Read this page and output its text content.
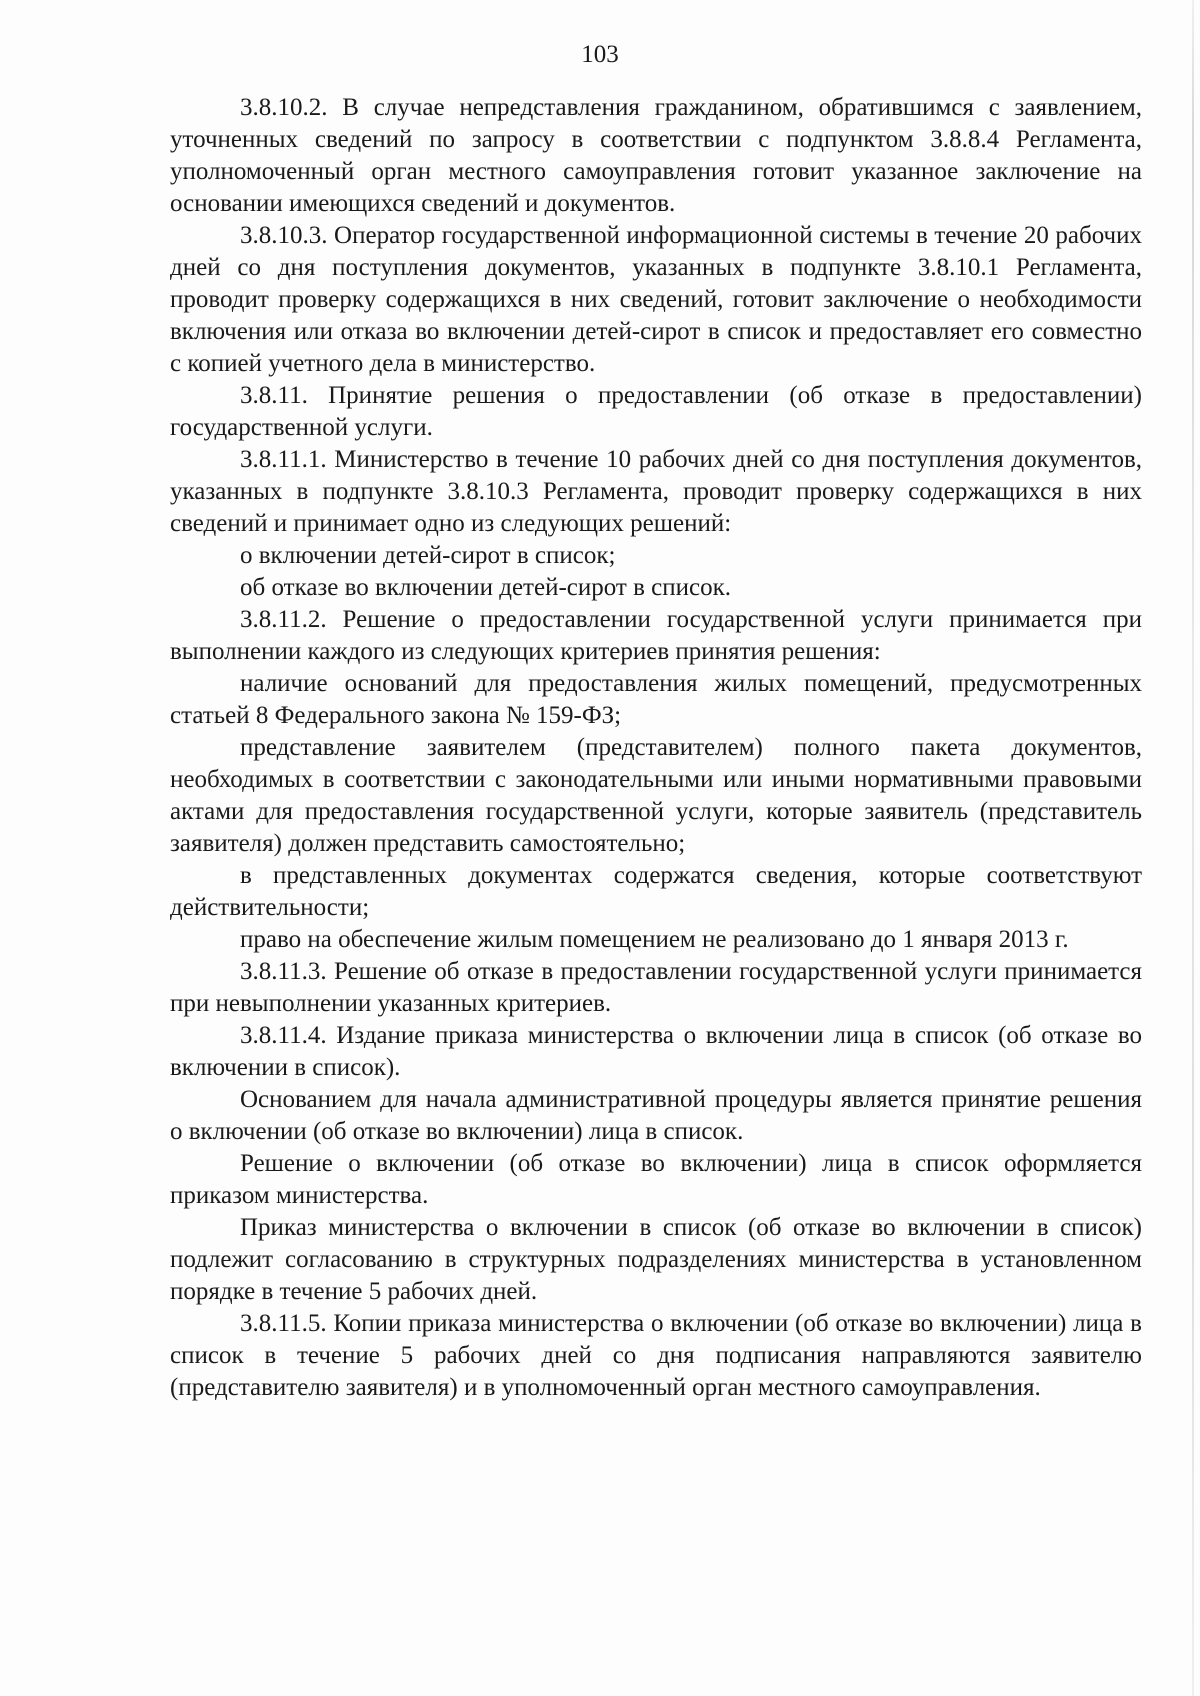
103

3.8.10.2. В случае непредставления гражданином, обратившимся с заявлением, уточненных сведений по запросу в соответствии с подпунктом 3.8.8.4 Регламента, уполномоченный орган местного самоуправления готовит указанное заключение на основании имеющихся сведений и документов.

3.8.10.3. Оператор государственной информационной системы в течение 20 рабочих дней со дня поступления документов, указанных в подпункте 3.8.10.1 Регламента, проводит проверку содержащихся в них сведений, готовит заключение о необходимости включения или отказа во включении детей-сирот в список и предоставляет его совместно с копией учетного дела в министерство.

3.8.11. Принятие решения о предоставлении (об отказе в предоставлении) государственной услуги.

3.8.11.1. Министерство в течение 10 рабочих дней со дня поступления документов, указанных в подпункте 3.8.10.3 Регламента, проводит проверку содержащихся в них сведений и принимает одно из следующих решений:

о включении детей-сирот в список;

об отказе во включении детей-сирот в список.

3.8.11.2. Решение о предоставлении государственной услуги принимается при выполнении каждого из следующих критериев принятия решения:

наличие оснований для предоставления жилых помещений, предусмотренных статьей 8 Федерального закона № 159-ФЗ;

представление заявителем (представителем) полного пакета документов, необходимых в соответствии с законодательными или иными нормативными правовыми актами для предоставления государственной услуги, которые заявитель (представитель заявителя) должен представить самостоятельно;

в представленных документах содержатся сведения, которые соответствуют действительности;

право на обеспечение жилым помещением не реализовано до 1 января 2013 г.

3.8.11.3. Решение об отказе в предоставлении государственной услуги принимается при невыполнении указанных критериев.

3.8.11.4. Издание приказа министерства о включении лица в список (об отказе во включении в список).

Основанием для начала административной процедуры является принятие решения о включении (об отказе во включении) лица в список.

Решение о включении (об отказе во включении) лица в список оформляется приказом министерства.

Приказ министерства о включении в список (об отказе во включении в список) подлежит согласованию в структурных подразделениях министерства в установленном порядке в течение 5 рабочих дней.

3.8.11.5. Копии приказа министерства о включении (об отказе во включении) лица в список в течение 5 рабочих дней со дня подписания направляются заявителю (представителю заявителя) и в уполномоченный орган местного самоуправления.
